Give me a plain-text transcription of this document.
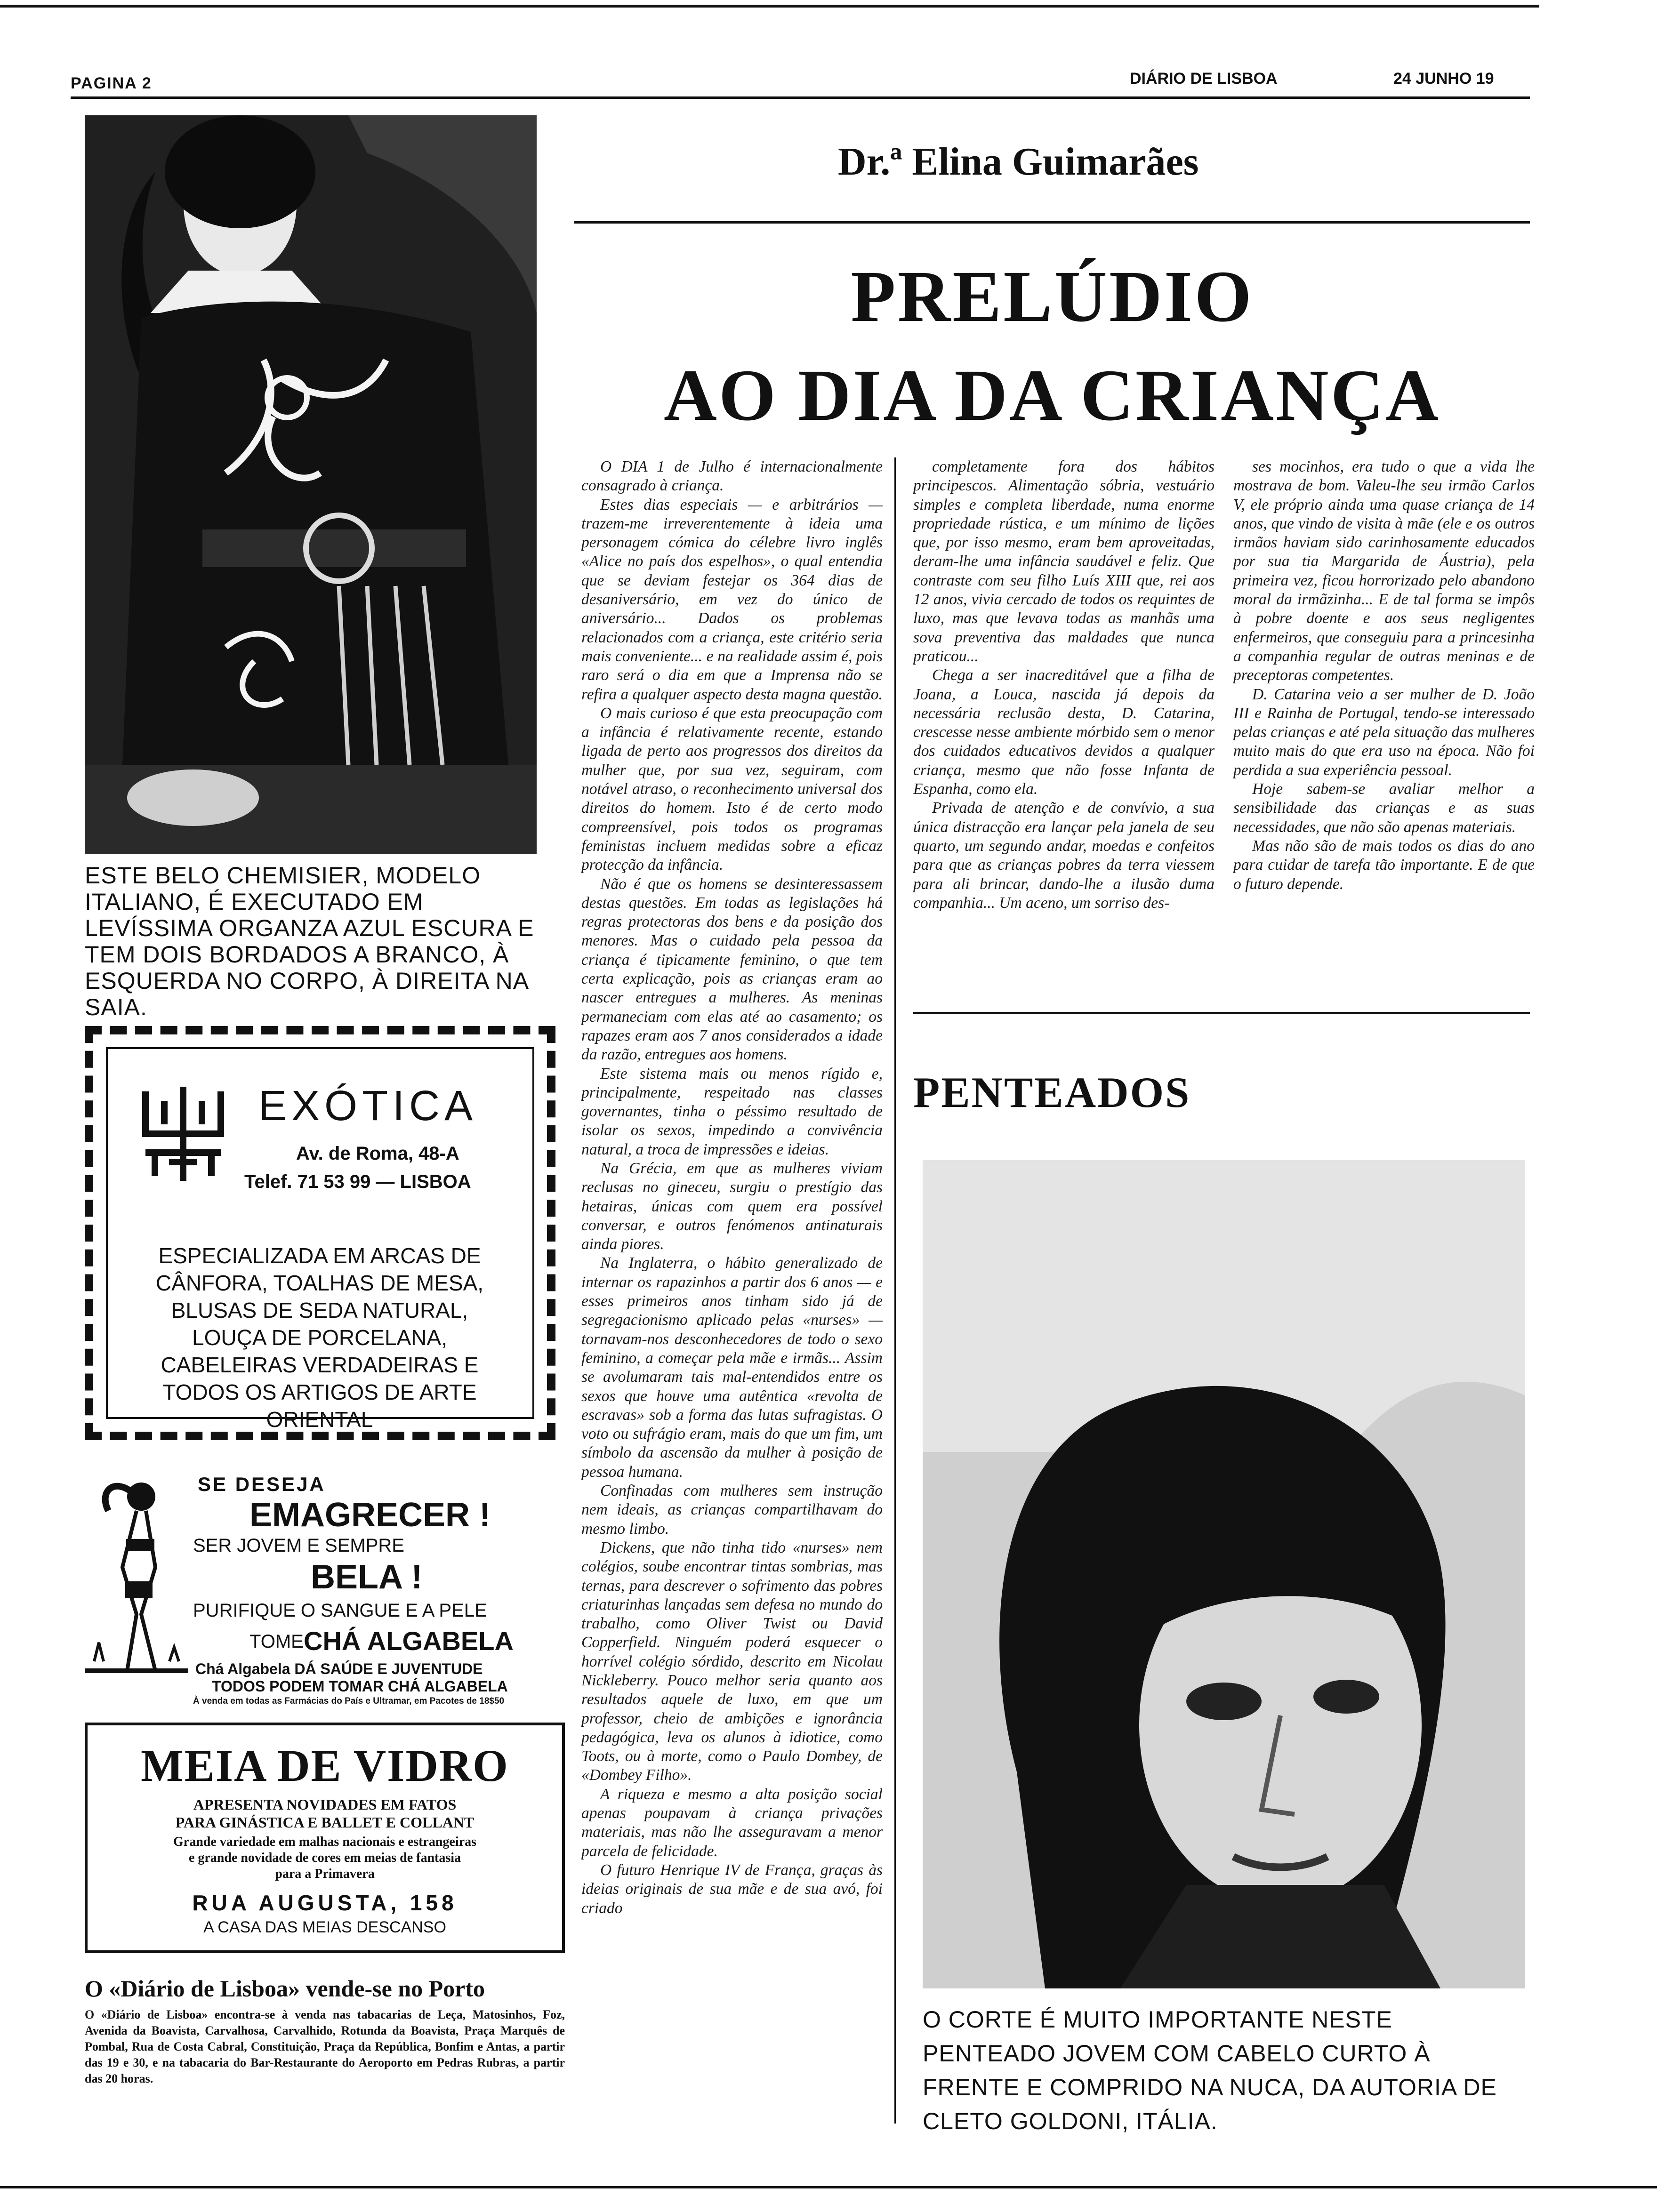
PAGINA 2	DIÁRIO DE LISBOA	24 JUNHO 19
ESTE BELO CHEMISIER, MODELO ITALIANO, É EXECUTADO EM LEVÍSSIMA ORGANZA AZUL ESCURA E TEM DOIS BORDADOS A BRANCO, À ESQUERDA NO CORPO, À DIREITA NA SAIA.
EXÓTICA
Av. de Roma, 48-A
Telef. 71 53 99 — LISBOA
ESPECIALIZADA EM ARCAS DE CÂNFORA, TOALHAS DE MESA, BLUSAS DE SEDA NATURAL, LOUÇA DE PORCELANA, CABELEIRAS VERDADEIRAS E TODOS OS ARTIGOS DE ARTE ORIENTAL
SE DESEJA
EMAGRECER !
SER JOVEM E SEMPRE
BELA !
PURIFIQUE O SANGUE E A PELE
TOME CHÁ ALGABELA
Chá Algabela DÁ SAÚDE E JUVENTUDE
TODOS PODEM TOMAR CHÁ ALGABELA
À venda em todas as Farmácias do País e Ultramar, em Pacotes de 18$50
MEIA DE VIDRO
APRESENTA NOVIDADES EM FATOS
PARA GINÁSTICA E BALLET E COLLANT
Grande variedade em malhas nacionais e estrangeiras
e grande novidade de cores em meias de fantasia
para a Primavera
RUA AUGUSTA, 158
A CASA DAS MEIAS DESCANSO
O «Diário de Lisboa» vende-se no Porto
O «Diário de Lisboa» encontra-se à venda nas tabacarias de Leça, Matosinhos, Foz, Avenida da Boavista, Carvalhosa, Carvalhido, Rotunda da Boavista, Praça Marquês de Pombal, Rua de Costa Cabral, Constituição, Praça da República, Bonfim e Antas, a partir das 19 e 30, e na tabacaria do Bar-Restaurante do Aeroporto em Pedras Rubras, a partir das 20 horas.
Dr.ª Elina Guimarães
PRELÚDIO
AO DIA DA CRIANÇA

O DIA 1 de Julho é internacionalmente consagrado à criança.

Estes dias especiais — e arbitrários — trazem-me irreverentemente à ideia uma personagem cómica do célebre livro inglês «Alice no país dos espelhos», o qual entendia que se deviam festejar os 364 dias de desaniversário, em vez do único de aniversário... Dados os problemas relacionados com a criança, este critério seria mais conveniente... e na realidade assim é, pois raro será o dia em que a Imprensa não se refira a qualquer aspecto desta magna questão.

O mais curioso é que esta preocupação com a infância é relativamente recente, estando ligada de perto aos progressos dos direitos da mulher que, por sua vez, seguiram, com notável atraso, o reconhecimento universal dos direitos do homem. Isto é de certo modo compreensível, pois todos os programas feministas incluem medidas sobre a eficaz protecção da infância.

Não é que os homens se desinteressassem destas questões. Em todas as legislações há regras protectoras dos bens e da posição dos menores. Mas o cuidado pela pessoa da criança é tipicamente feminino, o que tem certa explicação, pois as crianças eram ao nascer entregues a mulheres. As meninas permaneciam com elas até ao casamento; os rapazes eram aos 7 anos considerados a idade da razão, entregues aos homens.

Este sistema mais ou menos rígido e, principalmente, respeitado nas classes governantes, tinha o péssimo resultado de isolar os sexos, impedindo a convivência natural, a troca de impressões e ideias.

Na Grécia, em que as mulheres viviam reclusas no gineceu, surgiu o prestígio das hetairas, únicas com quem era possível conversar, e outros fenómenos antinaturais ainda piores.

Na Inglaterra, o hábito generalizado de internar os rapazinhos a partir dos 6 anos — e esses primeiros anos tinham sido já de segregacionismo aplicado pelas «nurses» — tornavam-nos desconhecedores de todo o sexo feminino, a começar pela mãe e irmãs... Assim se avolumaram tais mal-entendidos entre os sexos que houve uma autêntica «revolta de escravas» sob a forma das lutas sufragistas. O voto ou sufrágio eram, mais do que um fim, um símbolo da ascensão da mulher à posição de pessoa humana.

Confinadas com mulheres sem instrução nem ideais, as crianças compartilhavam do mesmo limbo.

Dickens, que não tinha tido «nurses» nem colégios, soube encontrar tintas sombrias, mas ternas, para descrever o sofrimento das pobres criaturinhas lançadas sem defesa no mundo do trabalho, como Oliver Twist ou David Copperfield. Ninguém poderá esquecer o horrível colégio sórdido, descrito em Nicolau Nickleberry. Pouco melhor seria quanto aos resultados aquele de luxo, em que um professor, cheio de ambições e ignorância pedagógica, leva os alunos à idiotice, como Toots, ou à morte, como o Paulo Dombey, de «Dombey Filho».

A riqueza e mesmo a alta posição social apenas poupavam à criança privações materiais, mas não lhe asseguravam a menor parcela de felicidade.

O futuro Henrique IV de França, graças às ideias originais de sua mãe e de sua avó, foi criado

completamente fora dos hábitos principescos. Alimentação sóbria, vestuário simples e completa liberdade, numa enorme propriedade rústica, e um mínimo de lições que, por isso mesmo, eram bem aproveitadas, deram-lhe uma infância saudável e feliz. Que contraste com seu filho Luís XIII que, rei aos 12 anos, vivia cercado de todos os requintes de luxo, mas que levava todas as manhãs uma sova preventiva das maldades que nunca praticou...

Chega a ser inacreditável que a filha de Joana, a Louca, nascida já depois da necessária reclusão desta, D. Catarina, crescesse nesse ambiente mórbido sem o menor dos cuidados educativos devidos a qualquer criança, mesmo que não fosse Infanta de Espanha, como ela.

Privada de atenção e de convívio, a sua única distracção era lançar pela janela de seu quarto, um segundo andar, moedas e confeitos para que as crianças pobres da terra viessem para ali brincar, dando-lhe a ilusão duma companhia... Um aceno, um sorriso des-

ses mocinhos, era tudo o que a vida lhe mostrava de bom. Valeu-lhe seu irmão Carlos V, ele próprio ainda uma quase criança de 14 anos, que vindo de visita à mãe (ele e os outros irmãos haviam sido carinhosamente educados por sua tia Margarida de Áustria), pela primeira vez, ficou horrorizado pelo abandono moral da irmãzinha... E de tal forma se impôs à pobre doente e aos seus negligentes enfermeiros, que conseguiu para a princesinha a companhia regular de outras meninas e de preceptoras competentes.

D. Catarina veio a ser mulher de D. João III e Rainha de Portugal, tendo-se interessado pelas crianças e até pela situação das mulheres muito mais do que era uso na época. Não foi perdida a sua experiência pessoal.

Hoje sabem-se avaliar melhor a sensibilidade das crianças e as suas necessidades, que não são apenas materiais.

Mas não são de mais todos os dias do ano para cuidar de tarefa tão importante. E de que o futuro depende.

PENTEADOS
O CORTE É MUITO IMPORTANTE NESTE PENTEADO JOVEM COM CABELO CURTO À FRENTE E COMPRIDO NA NUCA, DA AUTORIA DE CLETO GOLDONI, ITÁLIA.
